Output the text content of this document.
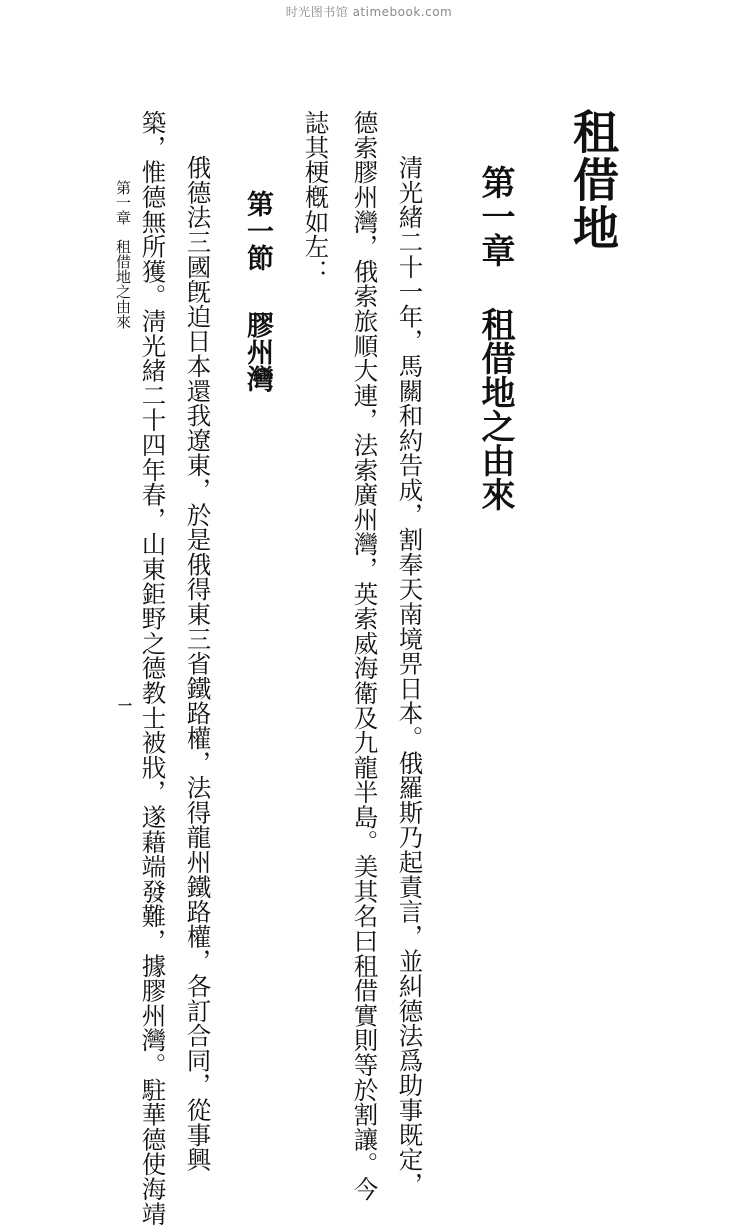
时光图书馆 atimebook.com
租借地
第一章租借地之由來
清光緒二十一年，馬關和約告成，割奉天南境畀日本。俄羅斯乃起責言，並糾德法爲助事既定，
德索膠州灣，俄索旅順大連，法索廣州灣，英索威海衛及九龍半島。美其名曰租借實則等於割讓。今
誌其梗槪如左：
第一節膠州灣
俄德法三國旣迫日本還我遼東，於是俄得東三省鐵路權，法得龍州鐵路權，各訂合同，從事興
築，惟德無所獲。淸光緒二十四年春，山東鉅野之德教士被戕，遂藉端發難，據膠州灣。駐華德使海靖
第一章租借地之由來
一
